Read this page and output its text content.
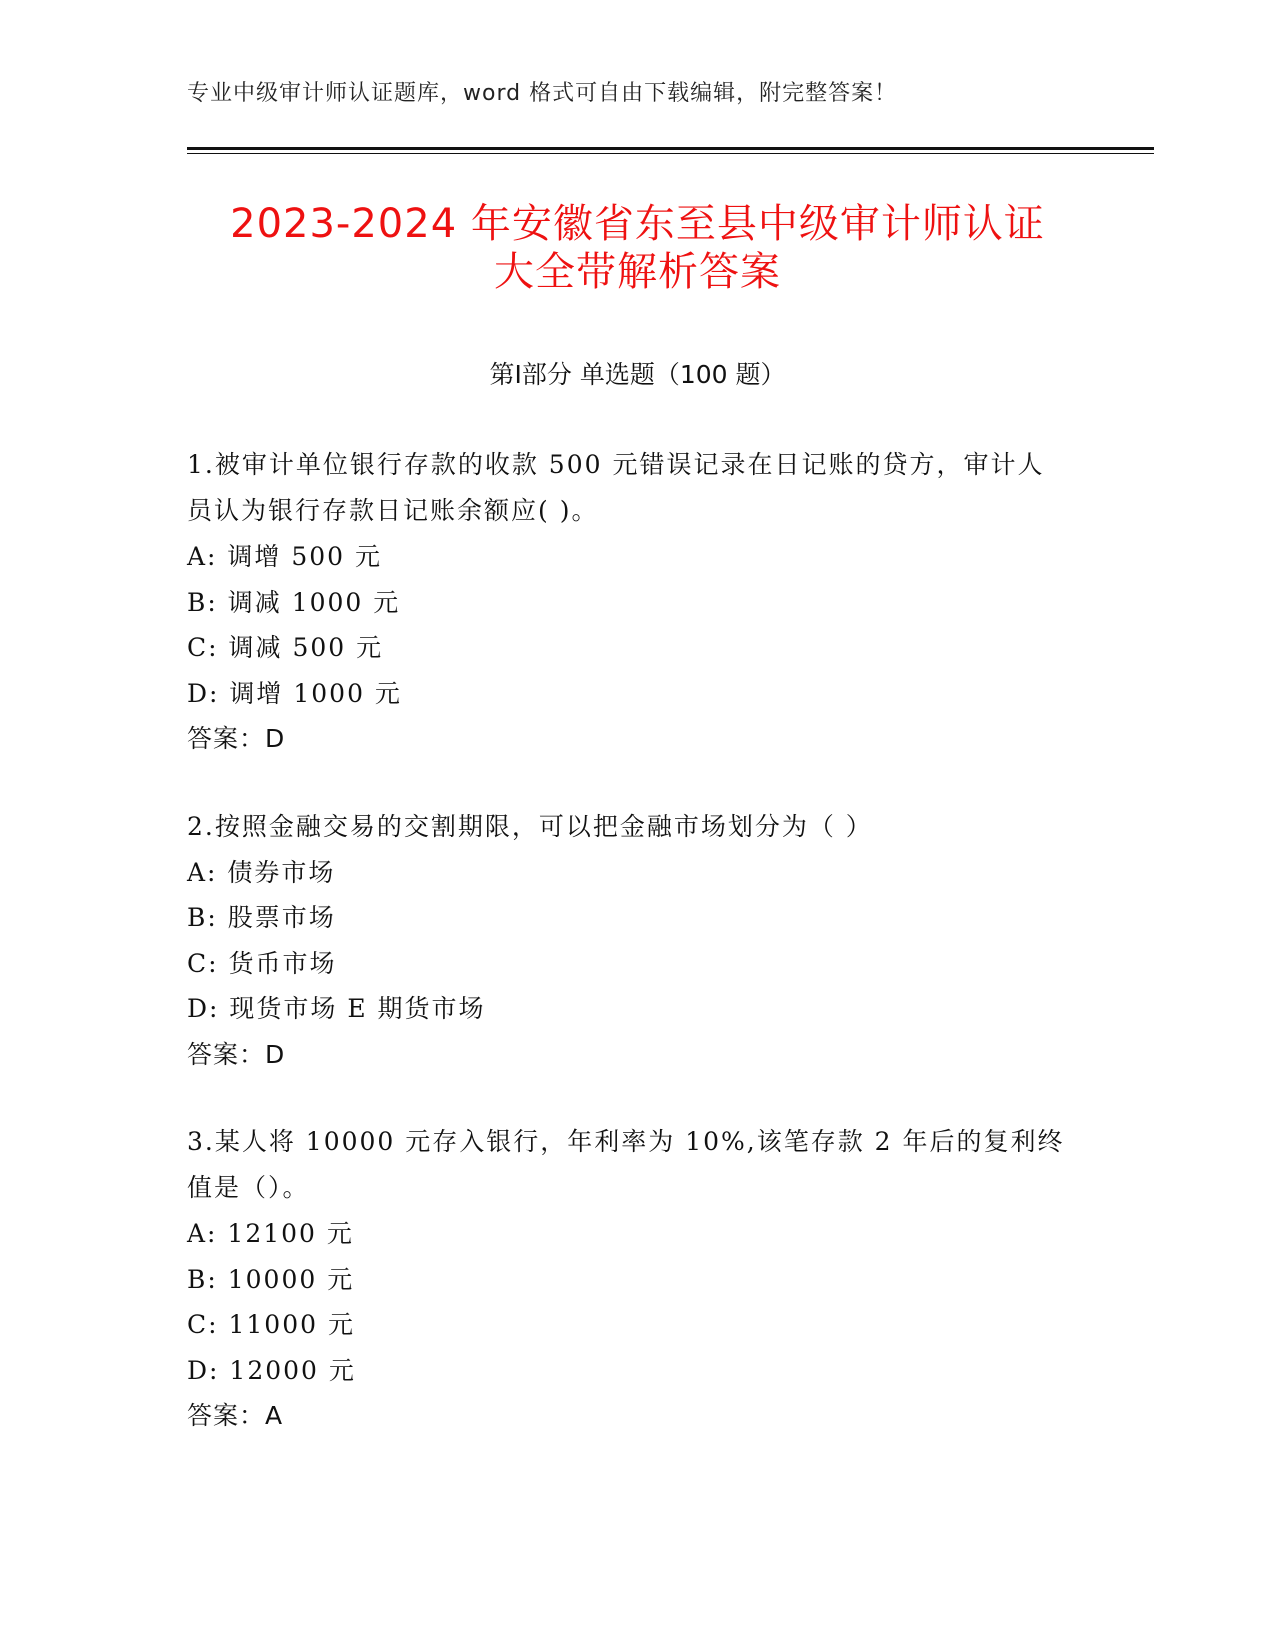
专业中级审计师认证题库，word 格式可自由下载编辑，附完整答案！
2023-2024 年安徽省东至县中级审计师认证
大全带解析答案
第Ⅰ部分 单选题（100 题）

1.被审计单位银行存款的收款 500 元错误记录在日记账的贷方，审计人员认为银行存款日记账余额应( )。

A: 调增 500 元

B: 调减 1000 元

C: 调减 500 元

D: 调增 1000 元

答案：D

2.按照金融交易的交割期限，可以把金融市场划分为（ ）

A: 债券市场

B: 股票市场

C: 货币市场

D: 现货市场 E 期货市场

答案：D

3.某人将 10000 元存入银行，年利率为 10%,该笔存款 2 年后的复利终值是（）。

A: 12100 元

B: 10000 元

C: 11000 元

D: 12000 元

答案：A
